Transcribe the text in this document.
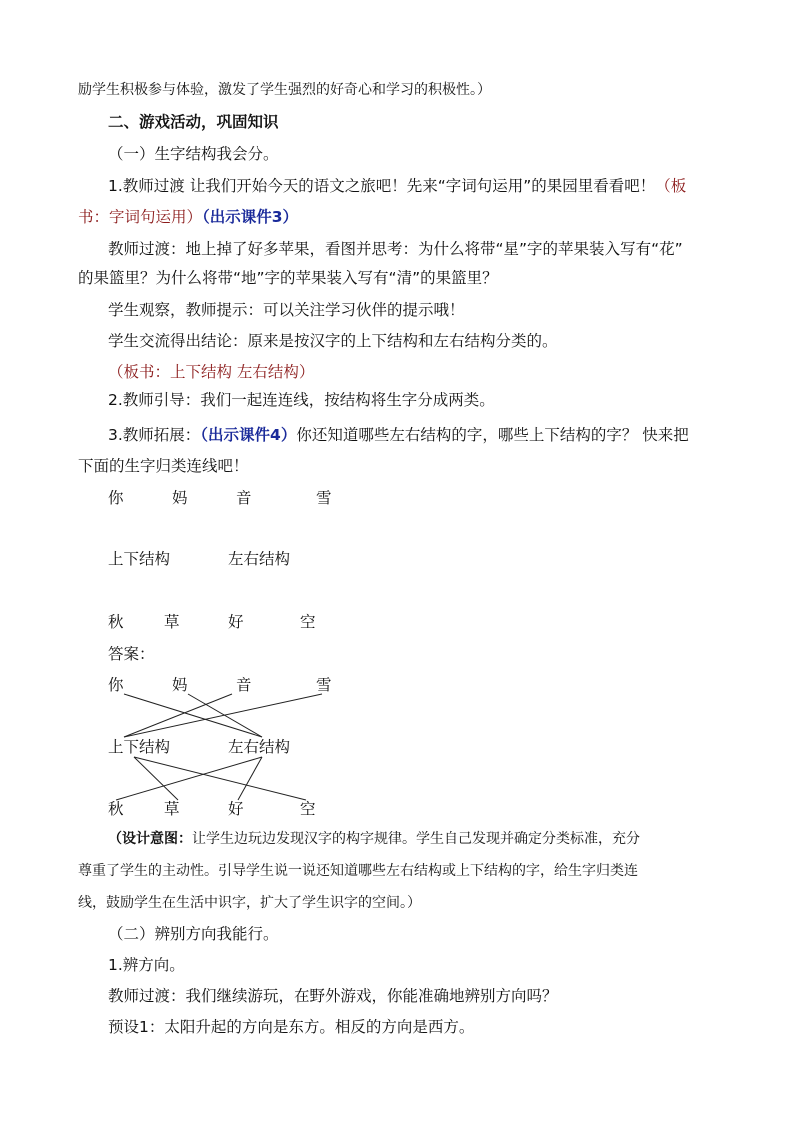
励学生积极参与体验，激发了学生强烈的好奇心和学习的积极性。）
二、游戏活动，巩固知识
（一）生字结构我会分。
1.教师过渡 让我们开始今天的语文之旅吧！先来“字词句运用”的果园里看看吧！（板
书：字词句运用）（出示课件3）
教师过渡：地上掉了好多苹果，看图并思考：为什么将带“星”字的苹果装入写有“花”
的果篮里？为什么将带“地”字的苹果装入写有“清”的果篮里？
学生观察，教师提示：可以关注学习伙伴的提示哦！
学生交流得出结论：原来是按汉字的上下结构和左右结构分类的。
（板书：上下结构 左右结构）
2.教师引导：我们一起连连线，按结构将生字分成两类。
3.教师拓展：（出示课件4）你还知道哪些左右结构的字，哪些上下结构的字？ 快来把
下面的生字归类连线吧！
你	妈	音	雪
上下结构	左右结构
秋	草	好	空
答案：
你	妈	音	雪
上下结构	左右结构
秋	草	好	空
（设计意图：让学生边玩边发现汉字的构字规律。学生自己发现并确定分类标准，充分
尊重了学生的主动性。引导学生说一说还知道哪些左右结构或上下结构的字，给生字归类连
线，鼓励学生在生活中识字，扩大了学生识字的空间。）
（二）辨别方向我能行。
1.辨方向。
教师过渡：我们继续游玩，在野外游戏，你能准确地辨别方向吗？
预设1：太阳升起的方向是东方。相反的方向是西方。
